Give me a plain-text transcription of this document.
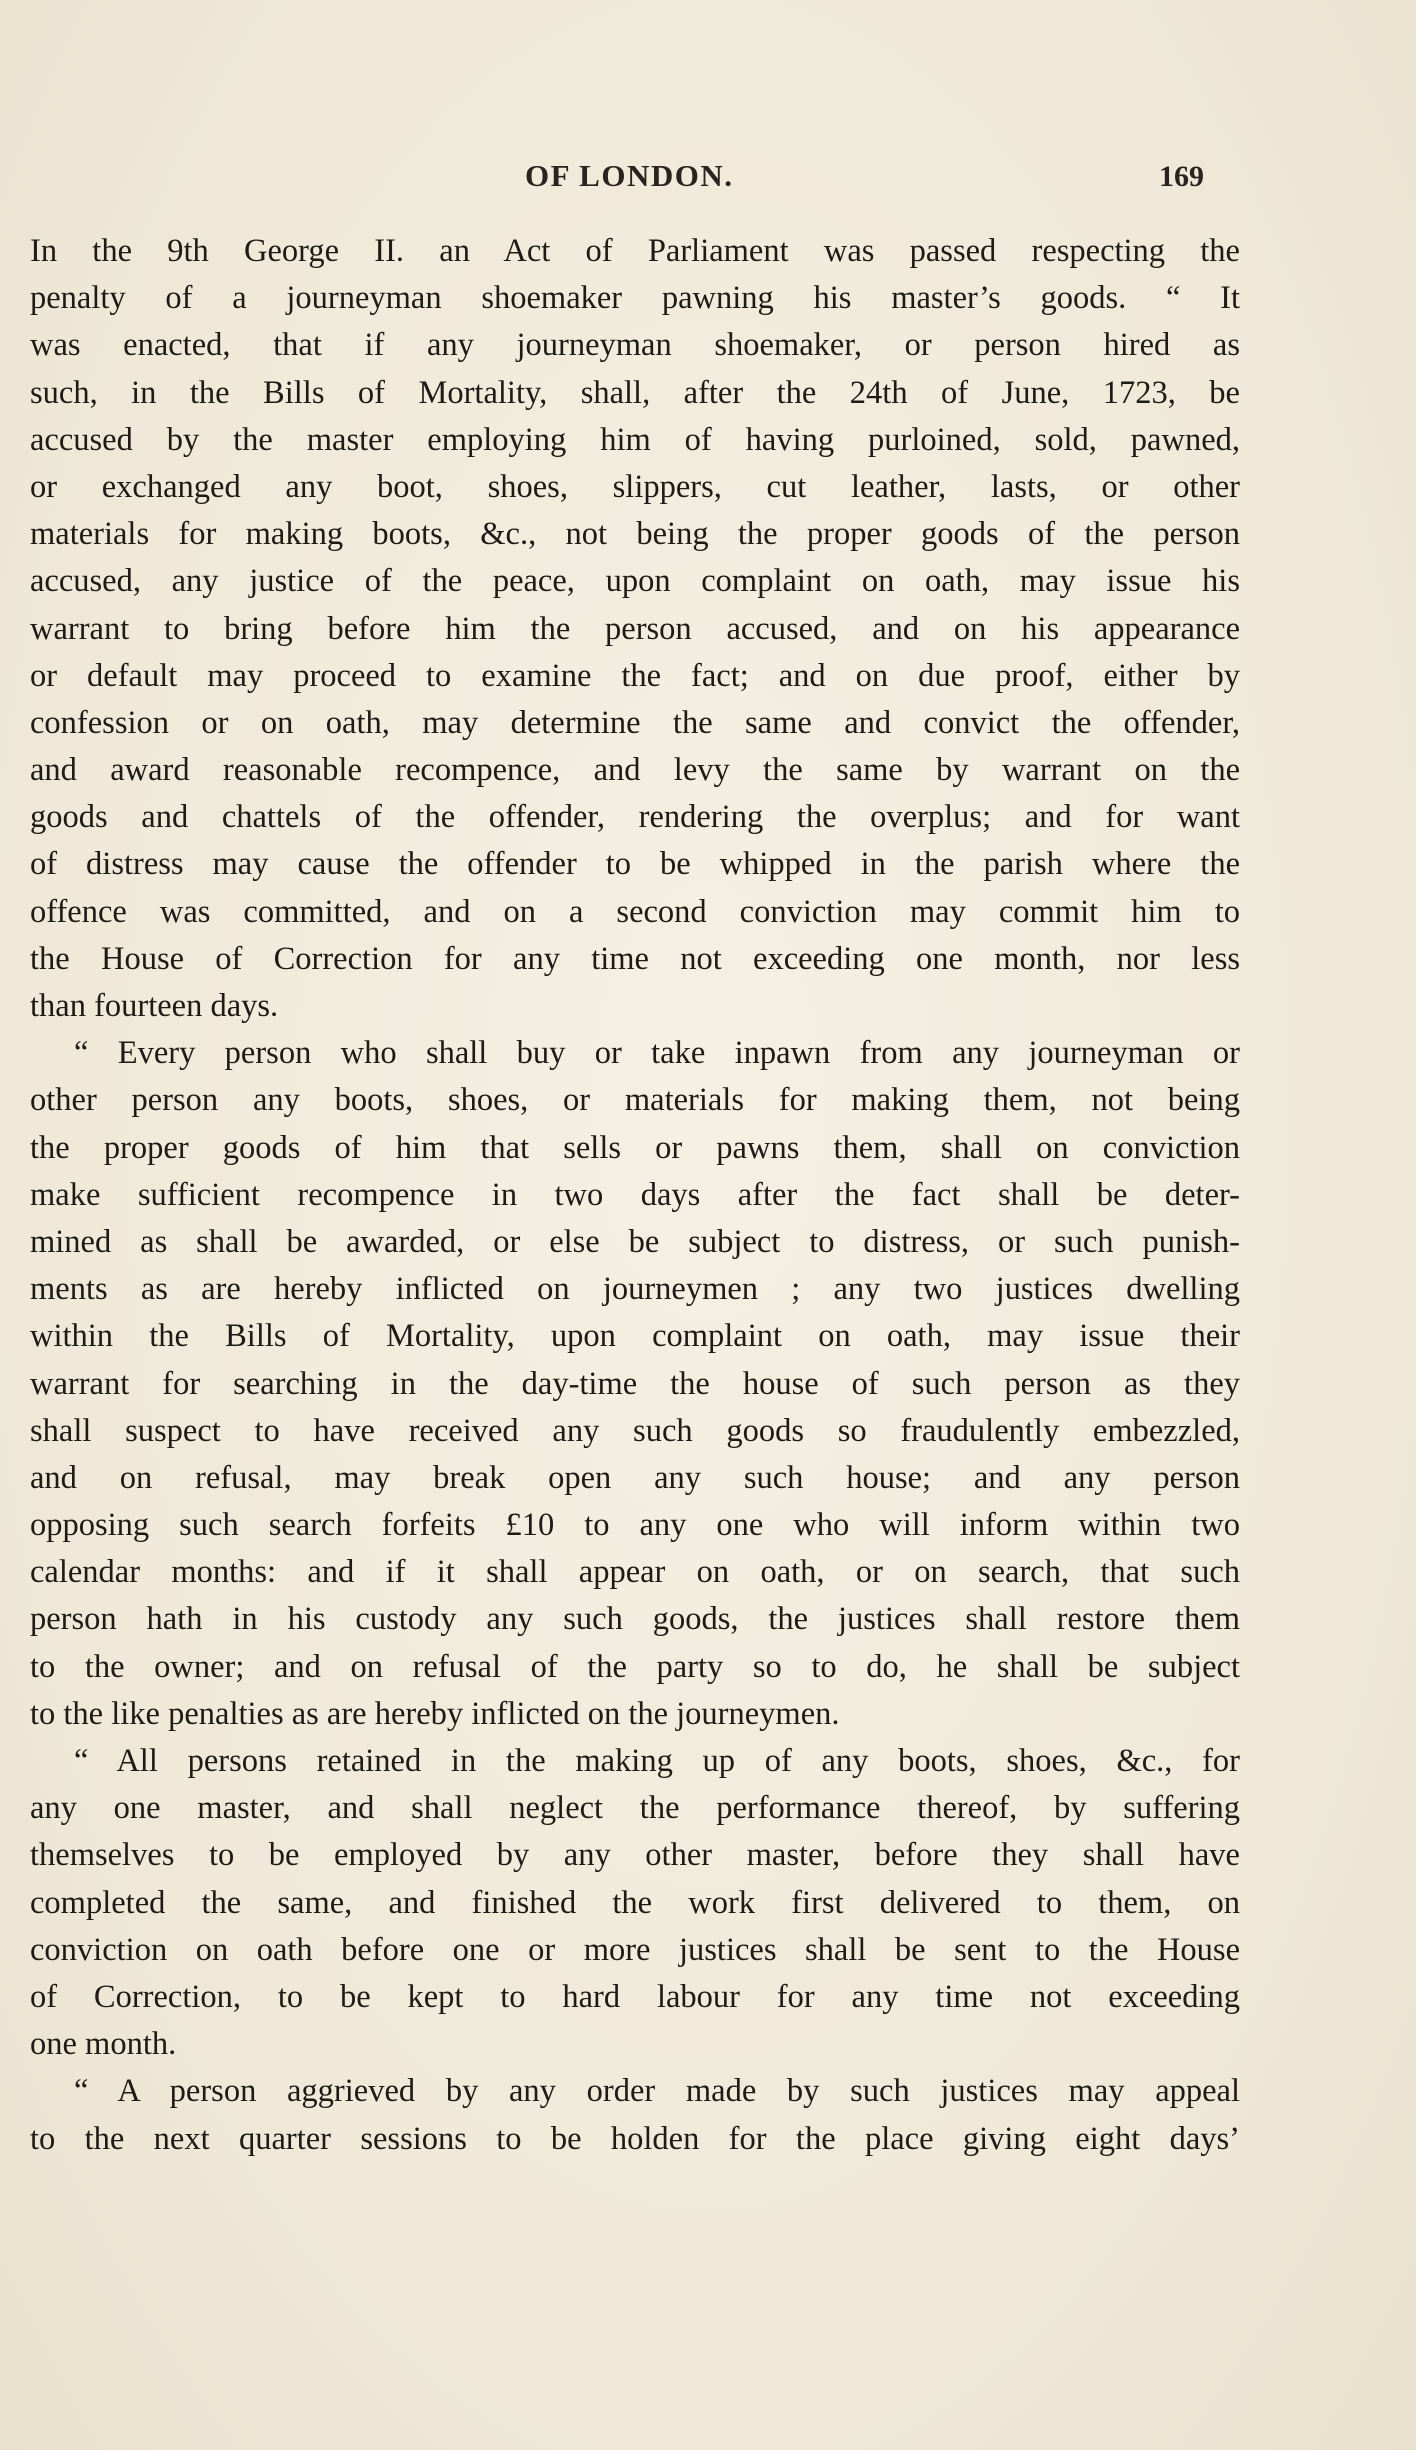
OF LONDON.	169
In the 9th George II. an Act of Parliament was passed respecting the
penalty of a journeyman shoemaker pawning his master’s goods. “ It
was enacted, that if any journeyman shoemaker, or person hired as
such, in the Bills of Mortality, shall, after the 24th of June, 1723, be
accused by the master employing him of having purloined, sold, pawned,
or exchanged any boot, shoes, slippers, cut leather, lasts, or other
materials for making boots, &c., not being the proper goods of the person
accused, any justice of the peace, upon complaint on oath, may issue his
warrant to bring before him the person accused, and on his appearance
or default may proceed to examine the fact; and on due proof, either by
confession or on oath, may determine the same and convict the offender,
and award reasonable recompence, and levy the same by warrant on the
goods and chattels of the offender, rendering the overplus; and for want
of distress may cause the offender to be whipped in the parish where the
offence was committed, and on a second conviction may commit him to
the House of Correction for any time not exceeding one month, nor less
than fourteen days.
“ Every person who shall buy or take inpawn from any journeyman or
other person any boots, shoes, or materials for making them, not being
the proper goods of him that sells or pawns them, shall on conviction
make sufficient recompence in two days after the fact shall be deter-
mined as shall be awarded, or else be subject to distress, or such punish-
ments as are hereby inflicted on journeymen ; any two justices dwelling
within the Bills of Mortality, upon complaint on oath, may issue their
warrant for searching in the day-time the house of such person as they
shall suspect to have received any such goods so fraudulently embezzled,
and on refusal, may break open any such house; and any person
opposing such search forfeits £10 to any one who will inform within two
calendar months: and if it shall appear on oath, or on search, that such
person hath in his custody any such goods, the justices shall restore them
to the owner; and on refusal of the party so to do, he shall be subject
to the like penalties as are hereby inflicted on the journeymen.
“ All persons retained in the making up of any boots, shoes, &c., for
any one master, and shall neglect the performance thereof, by suffering
themselves to be employed by any other master, before they shall have
completed the same, and finished the work first delivered to them, on
conviction on oath before one or more justices shall be sent to the House
of Correction, to be kept to hard labour for any time not exceeding
one month.
“ A person aggrieved by any order made by such justices may appeal
to the next quarter sessions to be holden for the place giving eight days’
